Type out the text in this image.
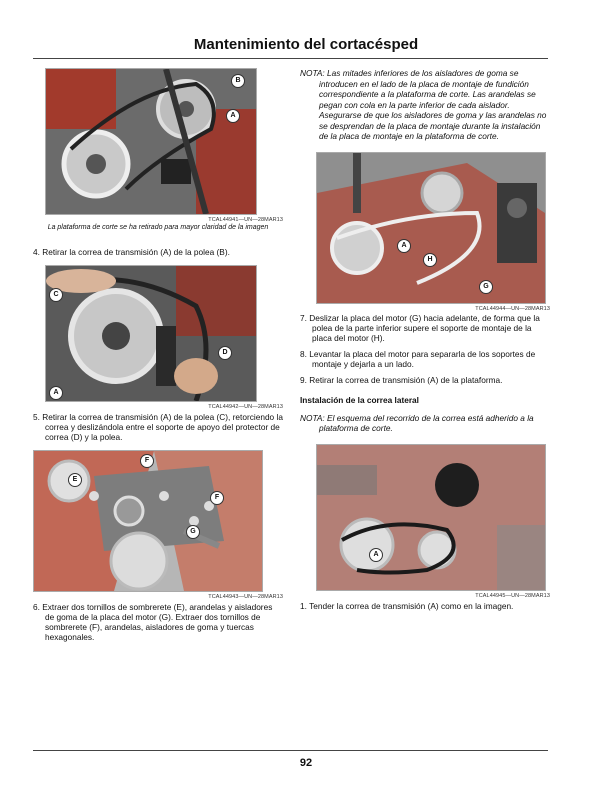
Mantenimiento del cortacésped
B
A
TCAL44941—UN—28MAR13
La plataforma de corte se ha retirado para mayor claridad de la imagen
4. Retirar la correa de transmisión (A) de la polea (B).
C
D
A
TCAL44942—UN—28MAR13
5. Retirar la correa de transmisión (A) de la polea (C), retorciendo la correa y deslizándola entre el soporte de apoyo del protector de correa (D) y la polea.
F
E
F
G
TCAL44943—UN—28MAR13
6. Extraer dos tornillos de sombrerete (E), arandelas y aisladores de goma de la placa del motor (G). Extraer dos tornillos de sombrerete (F), arandelas, aisladores de goma y tuercas hexagonales.
NOTA: Las mitades inferiores de los aisladores de goma se introducen en el lado de la placa de montaje de fundición correspondiente a la plataforma de corte. Las arandelas se pegan con cola en la parte inferior de cada aislador. Asegurarse de que los aisladores de goma y las arandelas no se desprendan de la placa de montaje durante la instalación de la placa de montaje en la plataforma de corte.
A
H
G
TCAL44944—UN—28MAR13
7. Deslizar la placa del motor (G) hacia adelante, de forma que la polea de la parte inferior supere el soporte de montaje de la placa del motor (H).
8. Levantar la placa del motor para separarla de los soportes de montaje y dejarla a un lado.
9. Retirar la correa de transmisión (A) de la plataforma.
Instalación de la correa lateral
NOTA: El esquema del recorrido de la correa está adherido a la plataforma de corte.
A
TCAL44945—UN—28MAR13
1. Tender la correa de transmisión (A) como en la imagen.
92
